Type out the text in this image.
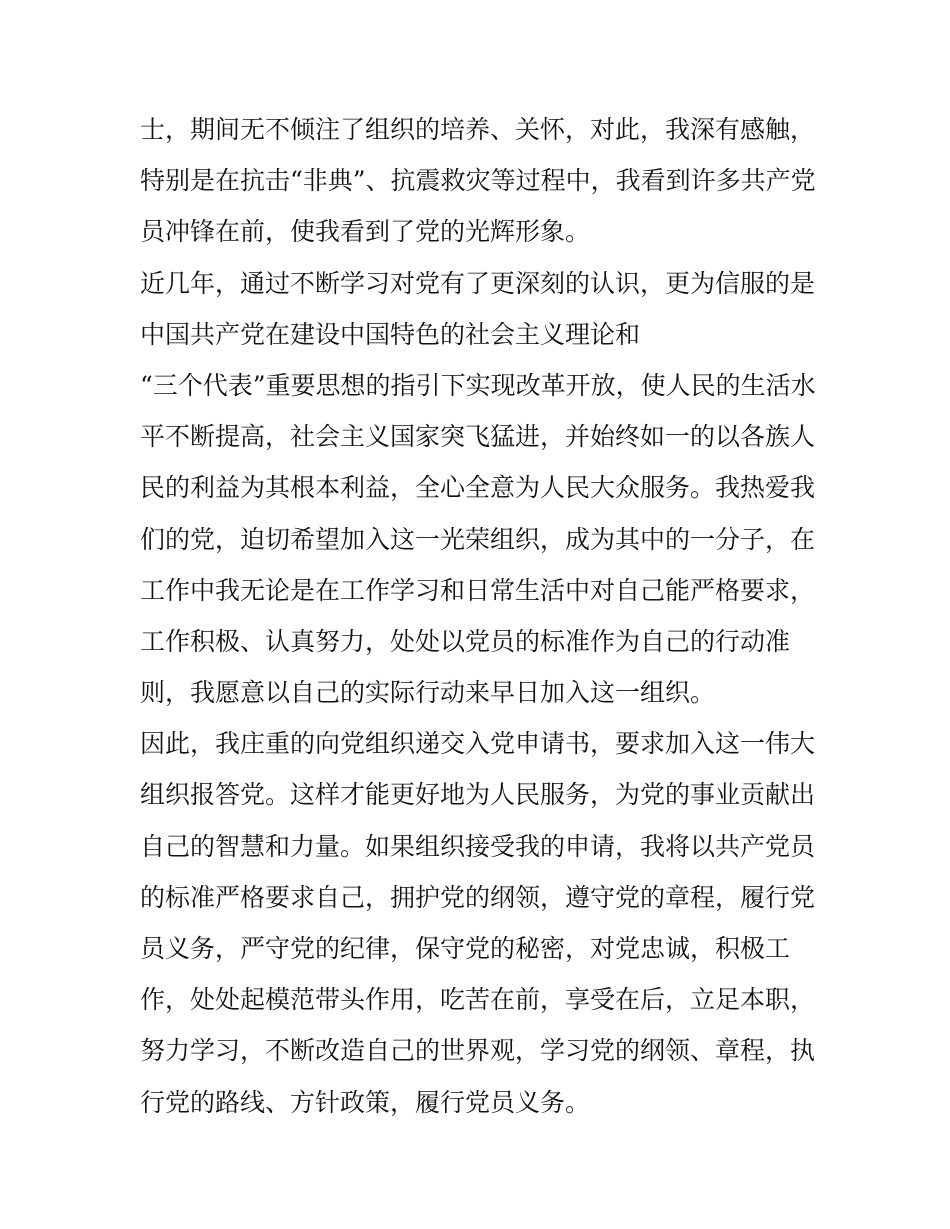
士，期间无不倾注了组织的培养、关怀，对此，我深有感触，
特别是在抗击“非典”、抗震救灾等过程中，我看到许多共产党
员冲锋在前，使我看到了党的光辉形象。
近几年，通过不断学习对党有了更深刻的认识，更为信服的是
中国共产党在建设中国特色的社会主义理论和
“三个代表”重要思想的指引下实现改革开放，使人民的生活水
平不断提高，社会主义国家突飞猛进，并始终如一的以各族人
民的利益为其根本利益，全心全意为人民大众服务。我热爱我
们的党，迫切希望加入这一光荣组织，成为其中的一分子，在
工作中我无论是在工作学习和日常生活中对自己能严格要求，
工作积极、认真努力，处处以党员的标准作为自己的行动准
则，我愿意以自己的实际行动来早日加入这一组织。
因此，我庄重的向党组织递交入党申请书，要求加入这一伟大
组织报答党。这样才能更好地为人民服务，为党的事业贡献出
自己的智慧和力量。如果组织接受我的申请，我将以共产党员
的标准严格要求自己，拥护党的纲领，遵守党的章程，履行党
员义务，严守党的纪律，保守党的秘密，对党忠诚，积极工
作，处处起模范带头作用，吃苦在前，享受在后，立足本职，
努力学习，不断改造自己的世界观，学习党的纲领、章程，执
行党的路线、方针政策，履行党员义务。
